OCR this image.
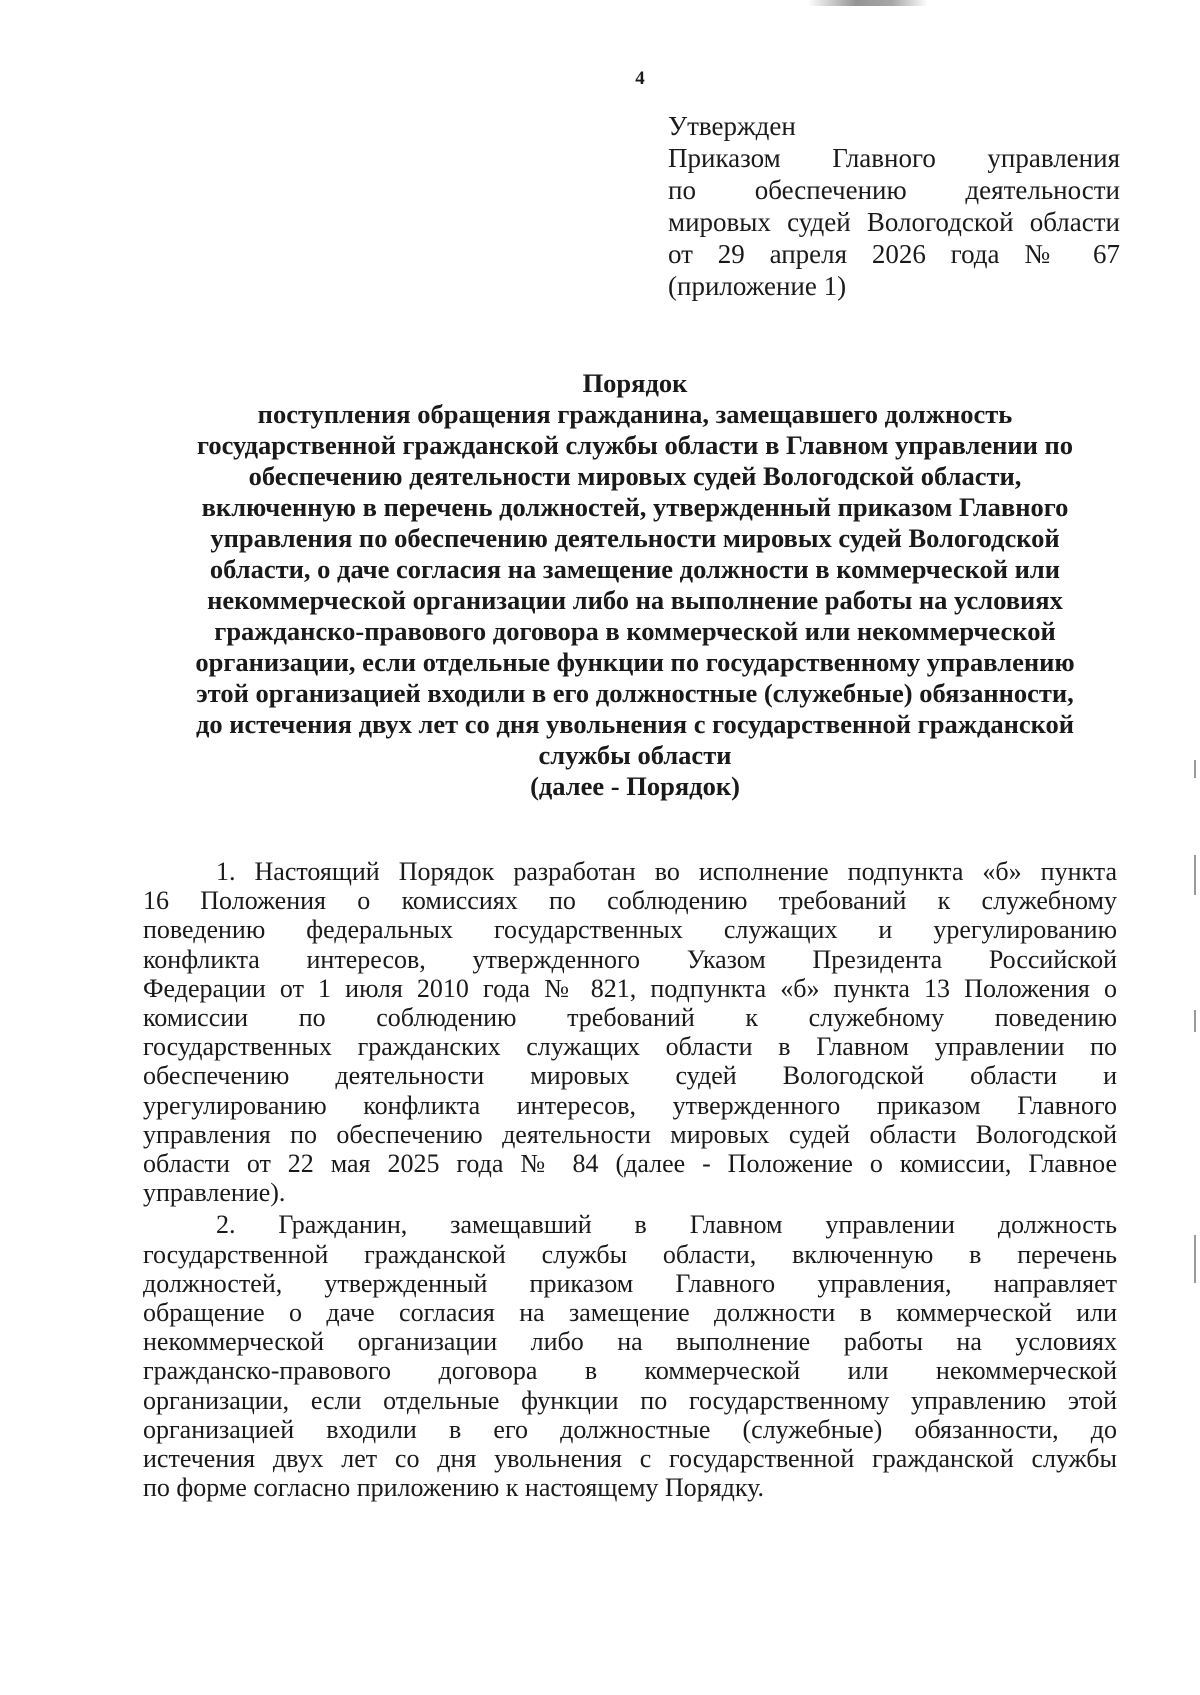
4
Утвержден
Приказом Главного управления
по обеспечению деятельности
мировых судей Вологодской области
от 29 апреля 2026 года № 67
(приложение 1)
Порядок
поступления обращения гражданина, замещавшего должность
государственной гражданской службы области в Главном управлении по
обеспечению деятельности мировых судей Вологодской области,
включенную в перечень должностей, утвержденный приказом Главного
управления по обеспечению деятельности мировых судей Вологодской
области, о даче согласия на замещение должности в коммерческой или
некоммерческой организации либо на выполнение работы на условиях
гражданско-правового договора в коммерческой или некоммерческой
организации, если отдельные функции по государственному управлению
этой организацией входили в его должностные (служебные) обязанности,
до истечения двух лет со дня увольнения с государственной гражданской
службы области
(далее - Порядок)
1. Настоящий Порядок разработан во исполнение подпункта «б» пункта
16 Положения о комиссиях по соблюдению требований к служебному
поведению федеральных государственных служащих и урегулированию
конфликта интересов, утвержденного Указом Президента Российской
Федерации от 1 июля 2010 года № 821, подпункта «б» пункта 13 Положения о
комиссии по соблюдению требований к служебному поведению
государственных гражданских служащих области в Главном управлении по
обеспечению деятельности мировых судей Вологодской области и
урегулированию конфликта интересов, утвержденного приказом Главного
управления по обеспечению деятельности мировых судей области Вологодской
области от 22 мая 2025 года № 84 (далее - Положение о комиссии, Главное
управление).
2. Гражданин, замещавший в Главном управлении должность
государственной гражданской службы области, включенную в перечень
должностей, утвержденный приказом Главного управления, направляет
обращение о даче согласия на замещение должности в коммерческой или
некоммерческой организации либо на выполнение работы на условиях
гражданско-правового договора в коммерческой или некоммерческой
организации, если отдельные функции по государственному управлению этой
организацией входили в его должностные (служебные) обязанности, до
истечения двух лет со дня увольнения с государственной гражданской службы
по форме согласно приложению к настоящему Порядку.
